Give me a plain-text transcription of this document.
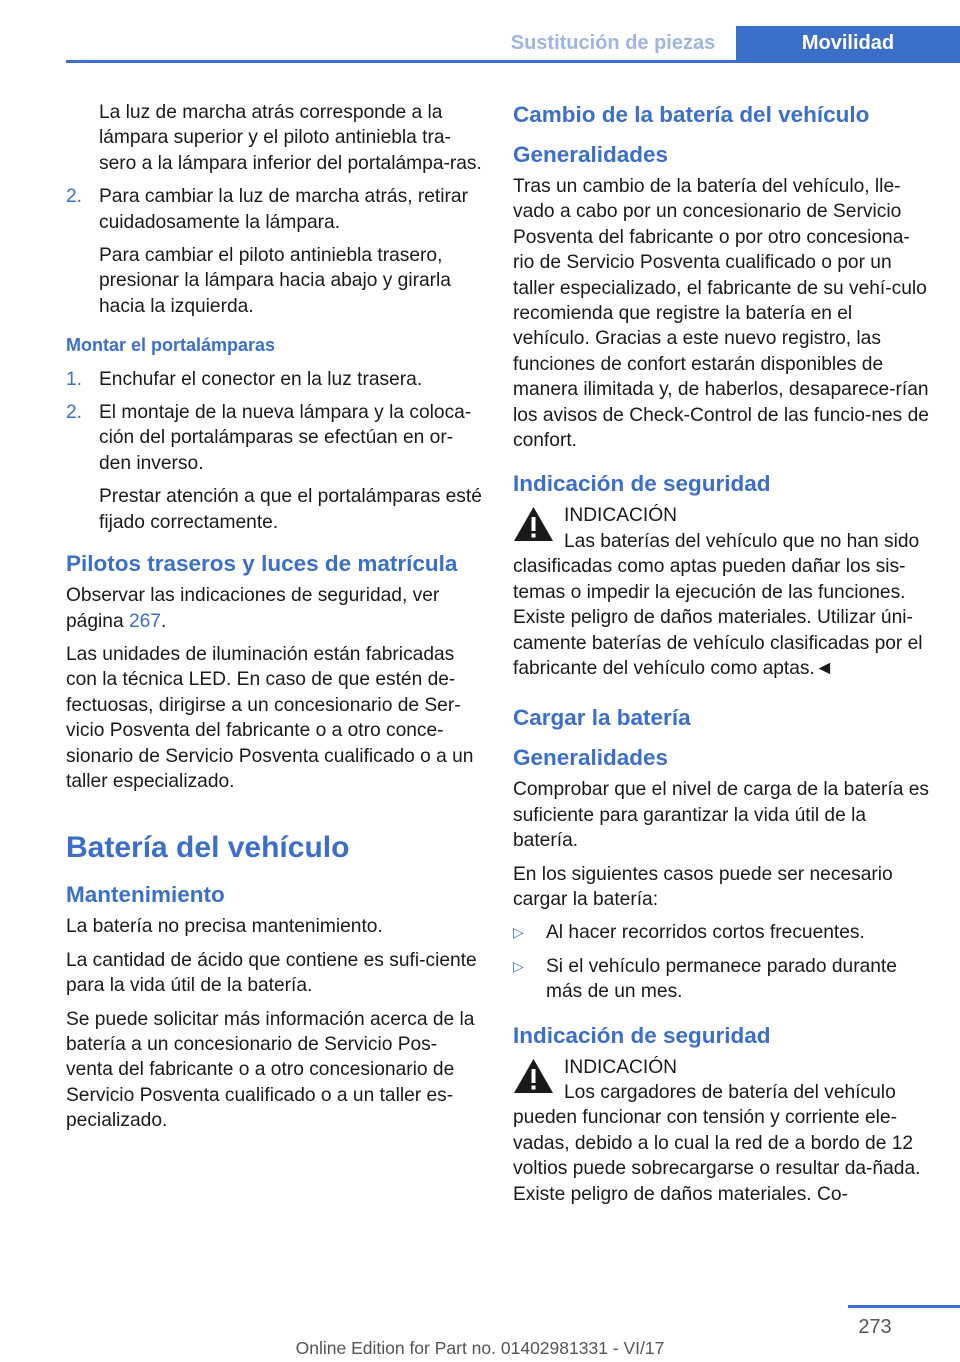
Sustitución de piezas	Movilidad

La luz de marcha atrás corresponde a la lámpara superior y el piloto antiniebla tra‐sero a la lámpara inferior del portalámpa‐ras.

2. Para cambiar la luz de marcha atrás, retirar cuidadosamente la lámpara.

Para cambiar el piloto antiniebla trasero, presionar la lámpara hacia abajo y girarla hacia la izquierda.

Montar el portalámparas
1. Enchufar el conector en la luz trasera.
2. El montaje de la nueva lámpara y la coloca‐ción del portalámparas se efectúan en or‐den inverso.

Prestar atención a que el portalámparas esté fijado correctamente.

Pilotos traseros y luces de matrícula

Observar las indicaciones de seguridad, ver página 267.

Las unidades de iluminación están fabricadas con la técnica LED. En caso de que estén de‐fectuosas, dirigirse a un concesionario de Ser‐vicio Posventa del fabricante o a otro conce‐sionario de Servicio Posventa cualificado o a un taller especializado.

Batería del vehículo
Mantenimiento

La batería no precisa mantenimiento.

La cantidad de ácido que contiene es sufi‐ciente para la vida útil de la batería.

Se puede solicitar más información acerca de la batería a un concesionario de Servicio Pos‐venta del fabricante o a otro concesionario de Servicio Posventa cualificado o a un taller es‐pecializado.

Cambio de la batería del vehículo
Generalidades

Tras un cambio de la batería del vehículo, lle‐vado a cabo por un concesionario de Servicio Posventa del fabricante o por otro concesiona‐rio de Servicio Posventa cualificado o por un taller especializado, el fabricante de su vehí‐culo recomienda que registre la batería en el vehículo. Gracias a este nuevo registro, las funciones de confort estarán disponibles de manera ilimitada y, de haberlos, desaparece‐rían los avisos de Check-Control de las funcio‐nes de confort.

Indicación de seguridad
INDICACIÓN
Las baterías del vehículo que no han sido clasificadas como aptas pueden dañar los sis‐temas o impedir la ejecución de las funciones. Existe peligro de daños materiales. Utilizar úni‐camente baterías de vehículo clasificadas por el fabricante del vehículo como aptas.◄
Cargar la batería
Generalidades

Comprobar que el nivel de carga de la batería es suficiente para garantizar la vida útil de la batería.

En los siguientes casos puede ser necesario cargar la batería:

▷ Al hacer recorridos cortos frecuentes.
▷ Si el vehículo permanece parado durante más de un mes.
Indicación de seguridad
INDICACIÓN
Los cargadores de batería del vehículo pueden funcionar con tensión y corriente ele‐vadas, debido a lo cual la red de a bordo de 12 voltios puede sobrecargarse o resultar da‐ñada. Existe peligro de daños materiales. Co‐
273
Online Edition for Part no. 01402981331 - VI/17
